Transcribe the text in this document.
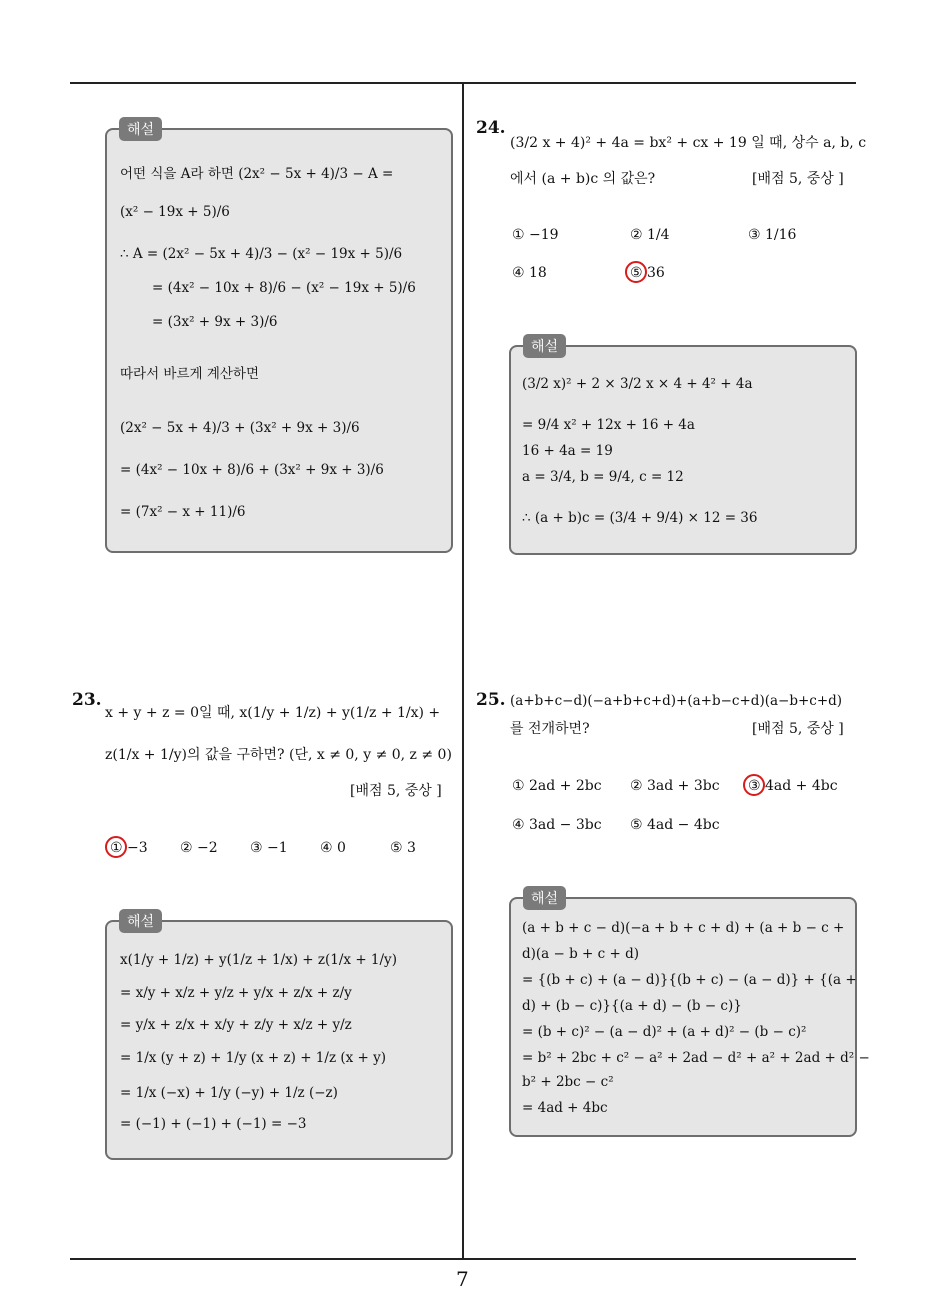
해설
어떤 식을 A라 하면 (2x² − 5x + 4)/3 − A =
(x² − 19x + 5)/6
∴ A = (2x² − 5x + 4)/3 − (x² − 19x + 5)/6
= (4x² − 10x + 8)/6 − (x² − 19x + 5)/6
= (3x² + 9x + 3)/6
따라서 바르게 계산하면
(2x² − 5x + 4)/3 + (3x² + 9x + 3)/6
= (4x² − 10x + 8)/6 + (3x² + 9x + 3)/6
= (7x² − x + 11)/6
24.
(3/2 x + 4)² + 4a = bx² + cx + 19 일 때, 상수 a, b, c
에서 (a + b)c 의 값은?	[배점 5, 중상 ]
① −19	② 1/4	③ 1/16
④ 18	⑤ 36
해설
(3/2 x)² + 2 × 3/2 x × 4 + 4² + 4a
= 9/4 x² + 12x + 16 + 4a
16 + 4a = 19
a = 3/4, b = 9/4, c = 12
∴ (a + b)c = (3/4 + 9/4) × 12 = 36
23.
x + y + z = 0일 때, x(1/y + 1/z) + y(1/z + 1/x) +
z(1/x + 1/y)의 값을 구하면? (단, x ≠ 0, y ≠ 0, z ≠ 0)
[배점 5, 중상 ]
① −3 ② −2 ③ −1 ④ 0	⑤ 3
해설
x(1/y + 1/z) + y(1/z + 1/x) + z(1/x + 1/y)
= x/y + x/z + y/z + y/x + z/x + z/y
= y/x + z/x + x/y + z/y + x/z + y/z
= 1/x (y + z) + 1/y (x + z) + 1/z (x + y)
= 1/x (−x) + 1/y (−y) + 1/z (−z)
= (−1) + (−1) + (−1) = −3
25. (a+b+c−d)(−a+b+c+d)+(a+b−c+d)(a−b+c+d)
를 전개하면?	[배점 5, 중상 ]
① 2ad + 2bc ② 3ad + 3bc ③ 4ad + 4bc
④ 3ad − 3bc ⑤ 4ad − 4bc
해설
(a + b + c − d)(−a + b + c + d) + (a + b − c +
d)(a − b + c + d)
= {(b + c) + (a − d)}{(b + c) − (a − d)} + {(a +
d) + (b − c)}{(a + d) − (b − c)}
= (b + c)² − (a − d)² + (a + d)² − (b − c)²
= b² + 2bc + c² − a² + 2ad − d² + a² + 2ad + d² −
b² + 2bc − c²
= 4ad + 4bc
7
